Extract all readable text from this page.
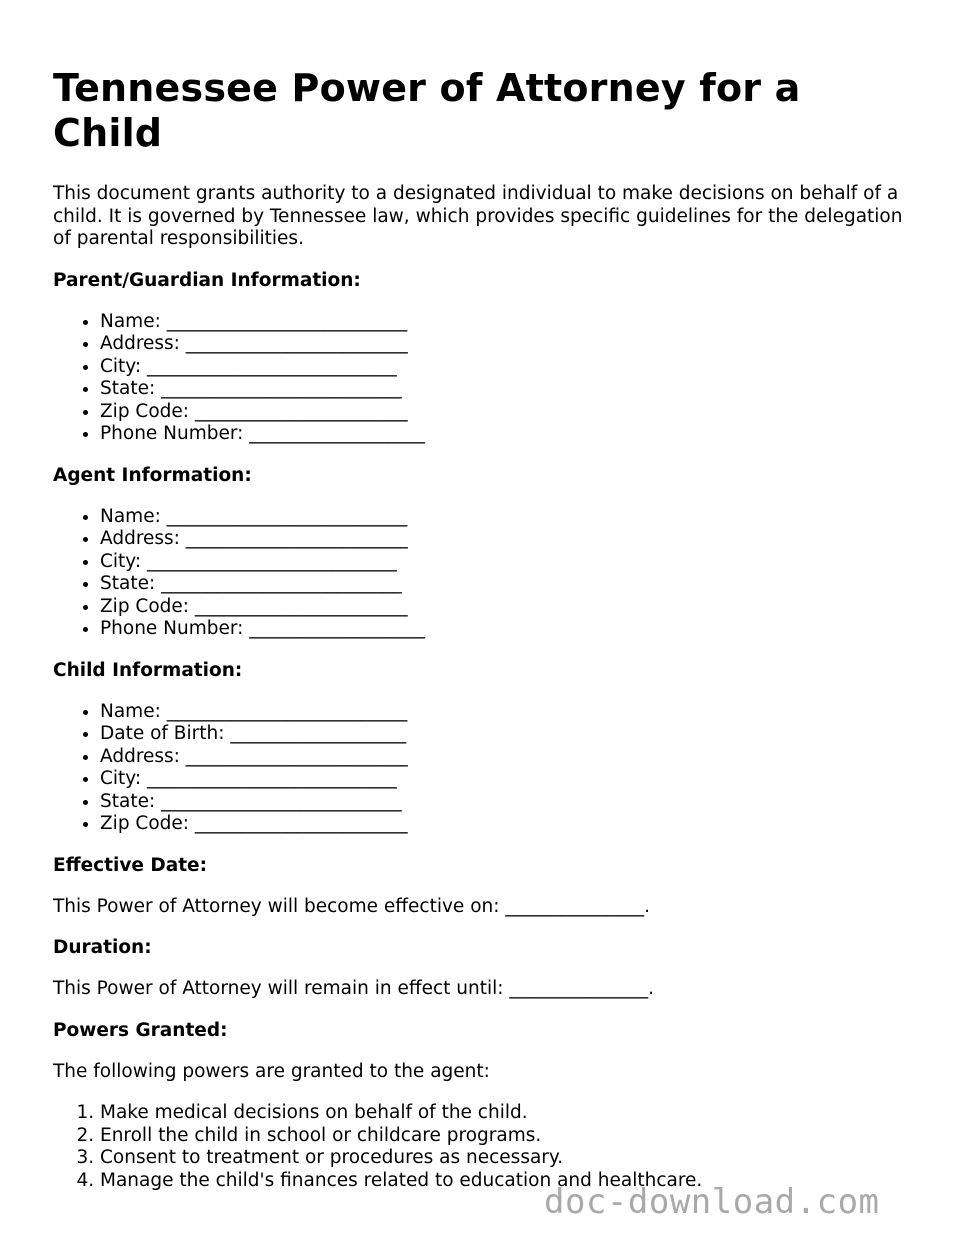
Tennessee Power of Attorney for a Child

This document grants authority to a designated individual to make decisions on behalf of a child. It is governed by Tennessee law, which provides specific guidelines for the delegation of parental responsibilities.

Parent/Guardian Information:
• Name: __________________________
• Address: ________________________
• City: ___________________________
• State: __________________________
• Zip Code: _______________________
• Phone Number: ___________________
Agent Information:
• Name: __________________________
• Address: ________________________
• City: ___________________________
• State: __________________________
• Zip Code: _______________________
• Phone Number: ___________________
Child Information:
• Name: __________________________
• Date of Birth: ___________________
• Address: ________________________
• City: ___________________________
• State: __________________________
• Zip Code: _______________________
Effective Date:

This Power of Attorney will become effective on: _______________.

Duration:

This Power of Attorney will remain in effect until: _______________.

Powers Granted:

The following powers are granted to the agent:

1. Make medical decisions on behalf of the child.
2. Enroll the child in school or childcare programs.
3. Consent to treatment or procedures as necessary.
4. Manage the child's finances related to education and healthcare.
doc-download.com
